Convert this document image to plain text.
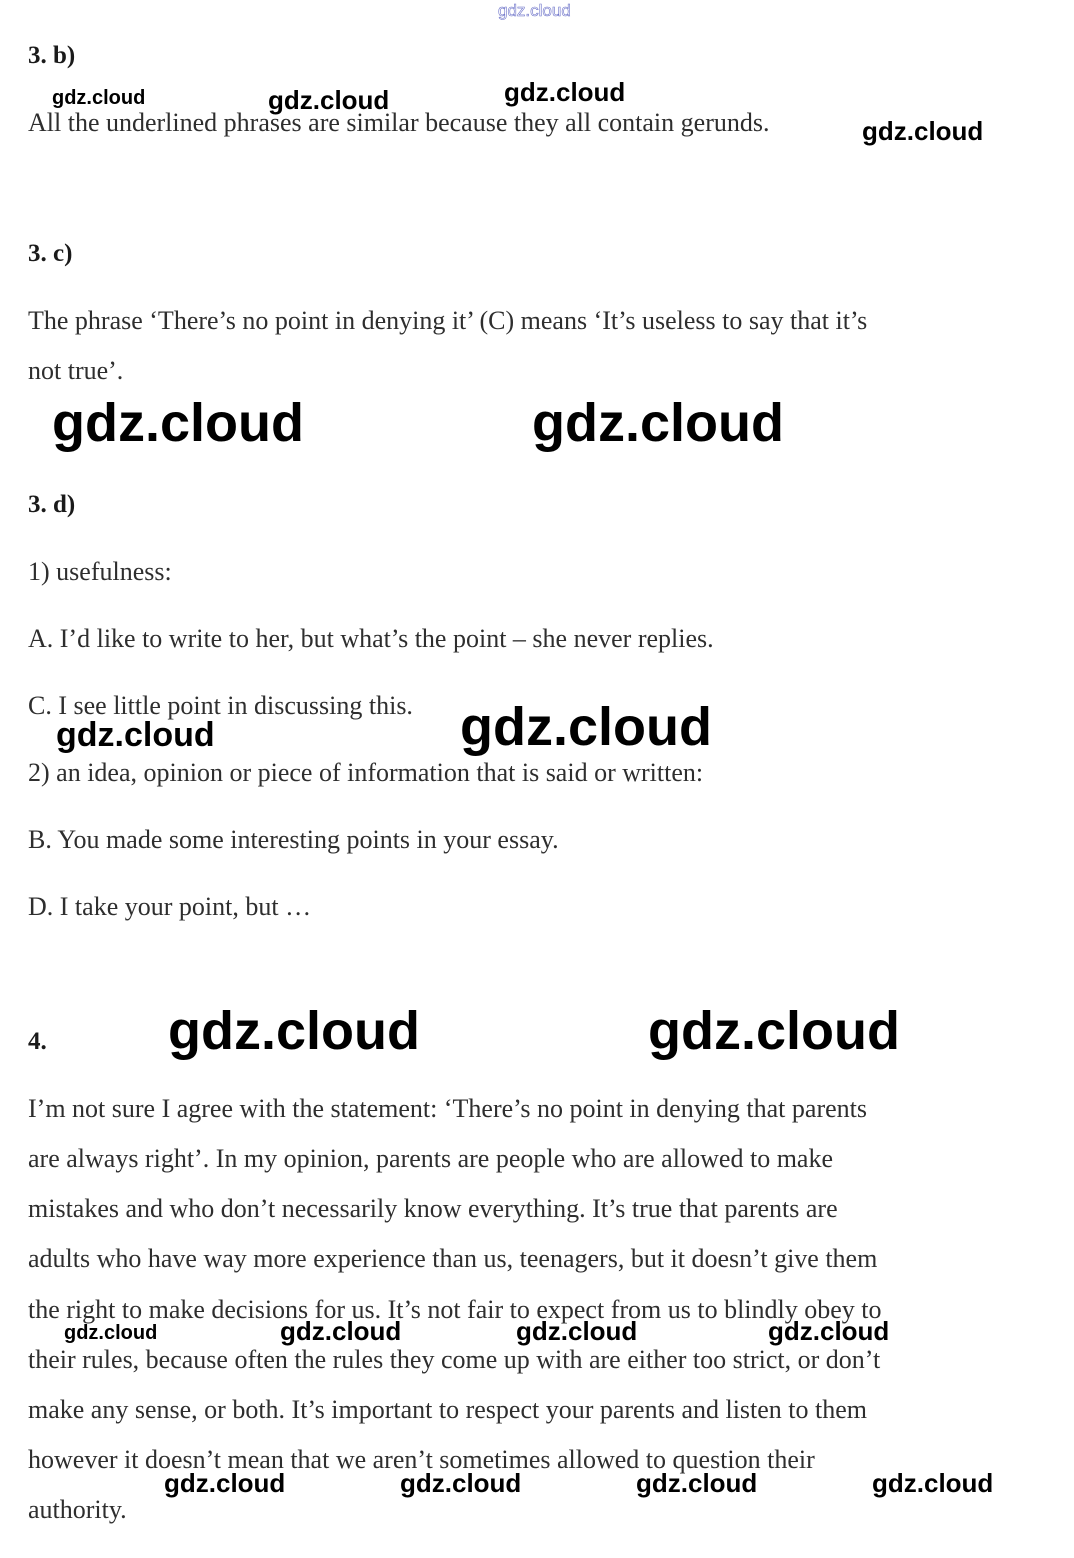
3. b)
All the underlined phrases are similar because they all contain gerunds.
3. c)
The phrase ‘There’s no point in denying it’ (C) means ‘It’s useless to say that it’s
not true’.
3. d)
1) usefulness:
A. I’d like to write to her, but what’s the point – she never replies.
C. I see little point in discussing this.
2) an idea, opinion or piece of information that is said or written:
B. You made some interesting points in your essay.
D. I take your point, but …
4.
I’m not sure I agree with the statement: ‘There’s no point in denying that parents
are always right’. In my opinion, parents are people who are allowed to make
mistakes and who don’t necessarily know everything. It’s true that parents are
adults who have way more experience than us, teenagers, but it doesn’t give them
the right to make decisions for us. It’s not fair to expect from us to blindly obey to
their rules, because often the rules they come up with are either too strict, or don’t
make any sense, or both. It’s important to respect your parents and listen to them
however it doesn’t mean that we aren’t sometimes allowed to question their
authority.
gdz.cloud
gdz.cloud	gdz.cloud	gdz.cloud
gdz.cloud
gdz.cloud	gdz.cloud
gdz.cloud
gdz.cloud
gdz.cloud	gdz.cloud
gdz.cloud	gdz.cloud	gdz.cloud	gdz.cloud
gdz.cloud	gdz.cloud	gdz.cloud	gdz.cloud
